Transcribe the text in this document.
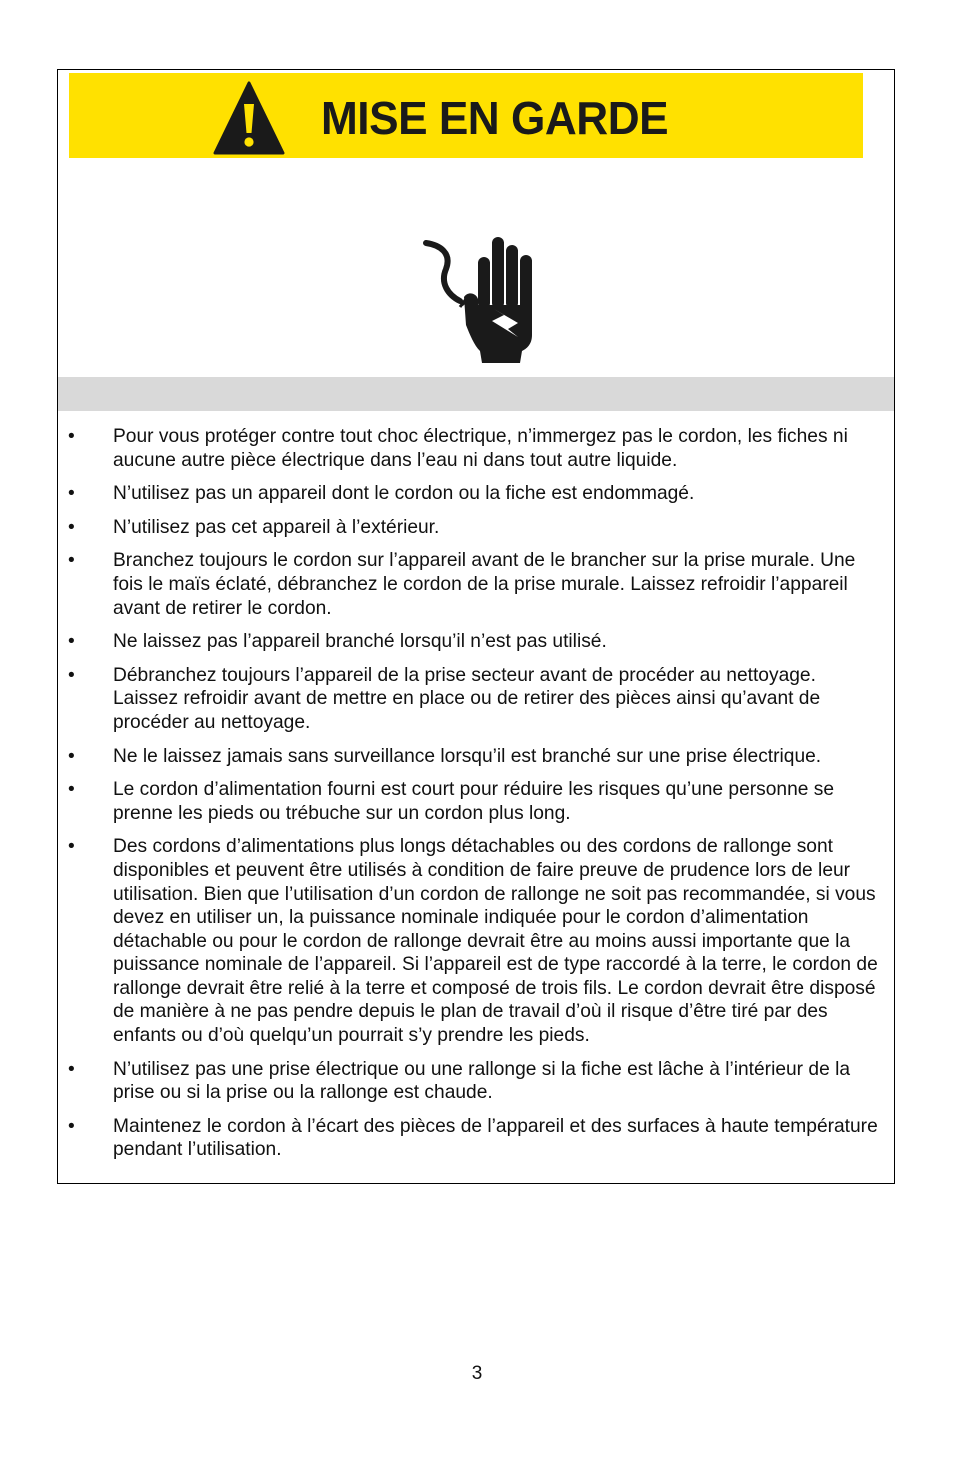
MISE EN GARDE
• Pour vous protéger contre tout choc électrique, n’immergez pas le cordon, les fiches ni aucune autre pièce électrique dans l’eau ni dans tout autre liquide.
• N’utilisez pas un appareil dont le cordon ou la fiche est endommagé.
• N’utilisez pas cet appareil à l’extérieur.
• Branchez toujours le cordon sur l’appareil avant de le brancher sur la prise murale. Une fois le maïs éclaté, débranchez le cordon de la prise murale. Laissez refroidir l’appareil avant de retirer le cordon.
• Ne laissez pas l’appareil branché lorsqu’il n’est pas utilisé.
• Débranchez toujours l’appareil de la prise secteur avant de procéder au nettoyage. Laissez refroidir avant de mettre en place ou de retirer des pièces ainsi qu’avant de procéder au nettoyage.
• Ne le laissez jamais sans surveillance lorsqu’il est branché sur une prise électrique.
• Le cordon d’alimentation fourni est court pour réduire les risques qu’une personne se prenne les pieds ou trébuche sur un cordon plus long.
• Des cordons d’alimentations plus longs détachables ou des cordons de rallonge sont disponibles et peuvent être utilisés à condition de faire preuve de prudence lors de leur utilisation. Bien que l’utilisation d’un cordon de rallonge ne soit pas recommandée, si vous devez en utiliser un, la puissance nominale indiquée pour le cordon d’alimentation détachable ou pour le cordon de rallonge devrait être au moins aussi importante que la puissance nominale de l’appareil. Si l’appareil est de type raccordé à la terre, le cordon de rallonge devrait être relié à la terre et composé de trois fils. Le cordon devrait être disposé de manière à ne pas pendre depuis le plan de travail d’où il risque d’être tiré par des enfants ou d’où quelqu’un pourrait s’y prendre les pieds.
• N’utilisez pas une prise électrique ou une rallonge si la fiche est lâche à l’intérieur de la prise ou si la prise ou la rallonge est chaude.
• Maintenez le cordon à l’écart des pièces de l’appareil et des surfaces à haute température pendant l’utilisation.
3
